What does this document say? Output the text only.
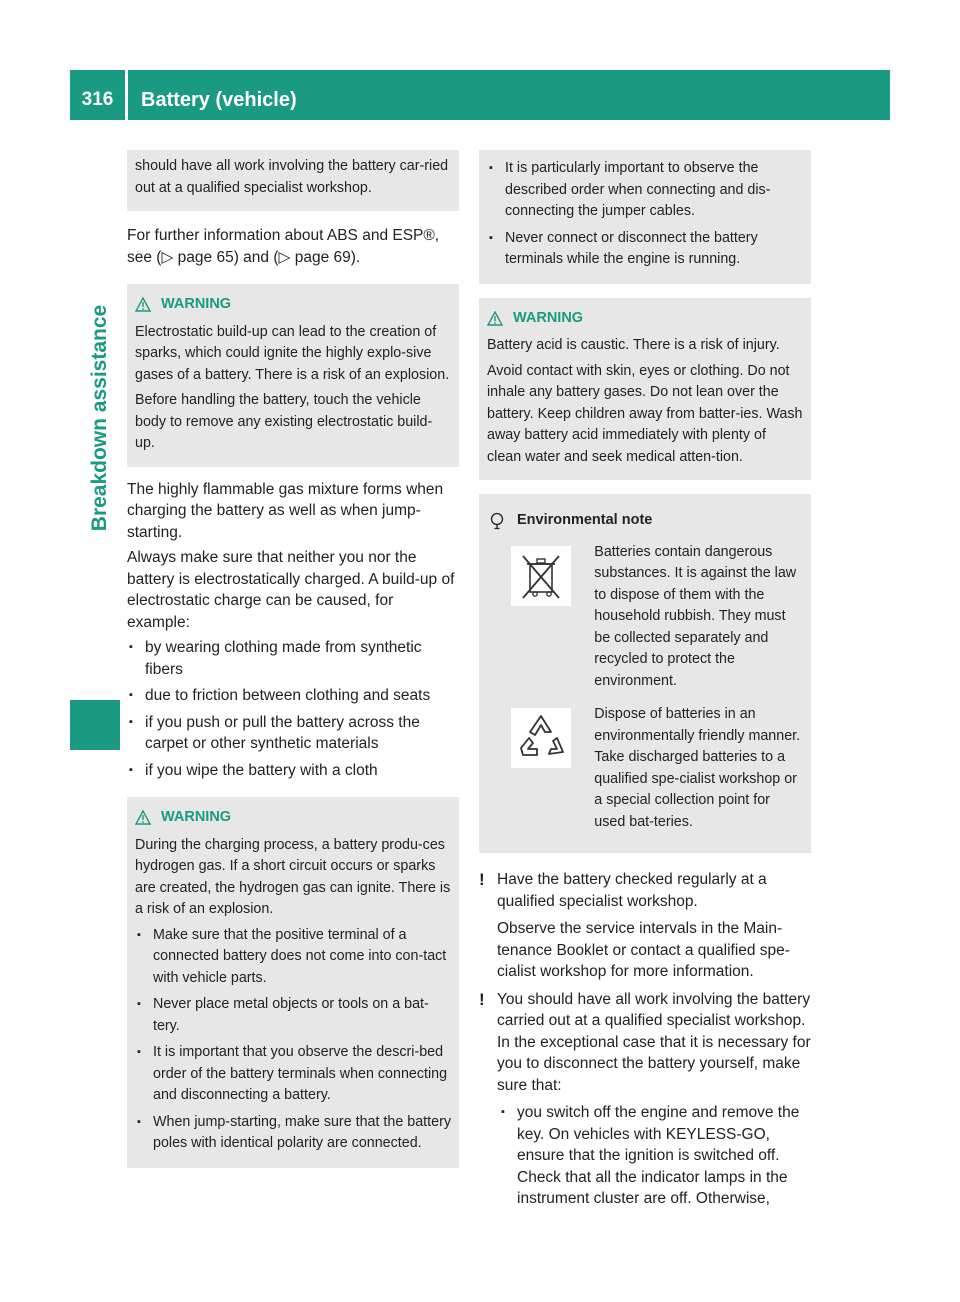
316	Battery (vehicle)
Breakdown assistance

should have all work involving the battery car-ried out at a qualified specialist workshop.

For further information about ABS and ESP®, see (▷ page 65) and (▷ page 69).

WARNING

Electrostatic build-up can lead to the creation of sparks, which could ignite the highly explo-sive gases of a battery. There is a risk of an explosion.

Before handling the battery, touch the vehicle body to remove any existing electrostatic build-up.

The highly flammable gas mixture forms when charging the battery as well as when jump-starting.

Always make sure that neither you nor the battery is electrostatically charged. A build-up of electrostatic charge can be caused, for example:

▪ by wearing clothing made from synthetic fibers
▪ due to friction between clothing and seats
▪ if you push or pull the battery across the carpet or other synthetic materials
▪ if you wipe the battery with a cloth
WARNING

During the charging process, a battery produ-ces hydrogen gas. If a short circuit occurs or sparks are created, the hydrogen gas can ignite. There is a risk of an explosion.

▪ Make sure that the positive terminal of a connected battery does not come into con-tact with vehicle parts.
▪ Never place metal objects or tools on a bat-tery.
▪ It is important that you observe the descri-bed order of the battery terminals when connecting and disconnecting a battery.
▪ When jump-starting, make sure that the battery poles with identical polarity are connected.
▪ It is particularly important to observe the described order when connecting and dis-connecting the jumper cables.
▪ Never connect or disconnect the battery terminals while the engine is running.
WARNING

Battery acid is caustic. There is a risk of injury.

Avoid contact with skin, eyes or clothing. Do not inhale any battery gases. Do not lean over the battery. Keep children away from batter-ies. Wash away battery acid immediately with plenty of clean water and seek medical atten-tion.

Environmental note
Batteries contain dangerous substances. It is against the law to dispose of them with the household rubbish. They must be collected separately and recycled to protect the environment.
Dispose of batteries in an environmentally friendly manner. Take discharged batteries to a qualified spe-cialist workshop or a special collection point for used bat-teries.
! Have the battery checked regularly at a qualified specialist workshop.

Observe the service intervals in the Main-tenance Booklet or contact a qualified spe-cialist workshop for more information.

! You should have all work involving the battery carried out at a qualified specialist workshop. In the exceptional case that it is necessary for you to disconnect the battery yourself, make sure that:

▪ you switch off the engine and remove the key. On vehicles with KEYLESS-GO, ensure that the ignition is switched off. Check that all the indicator lamps in the instrument cluster are off. Otherwise,
